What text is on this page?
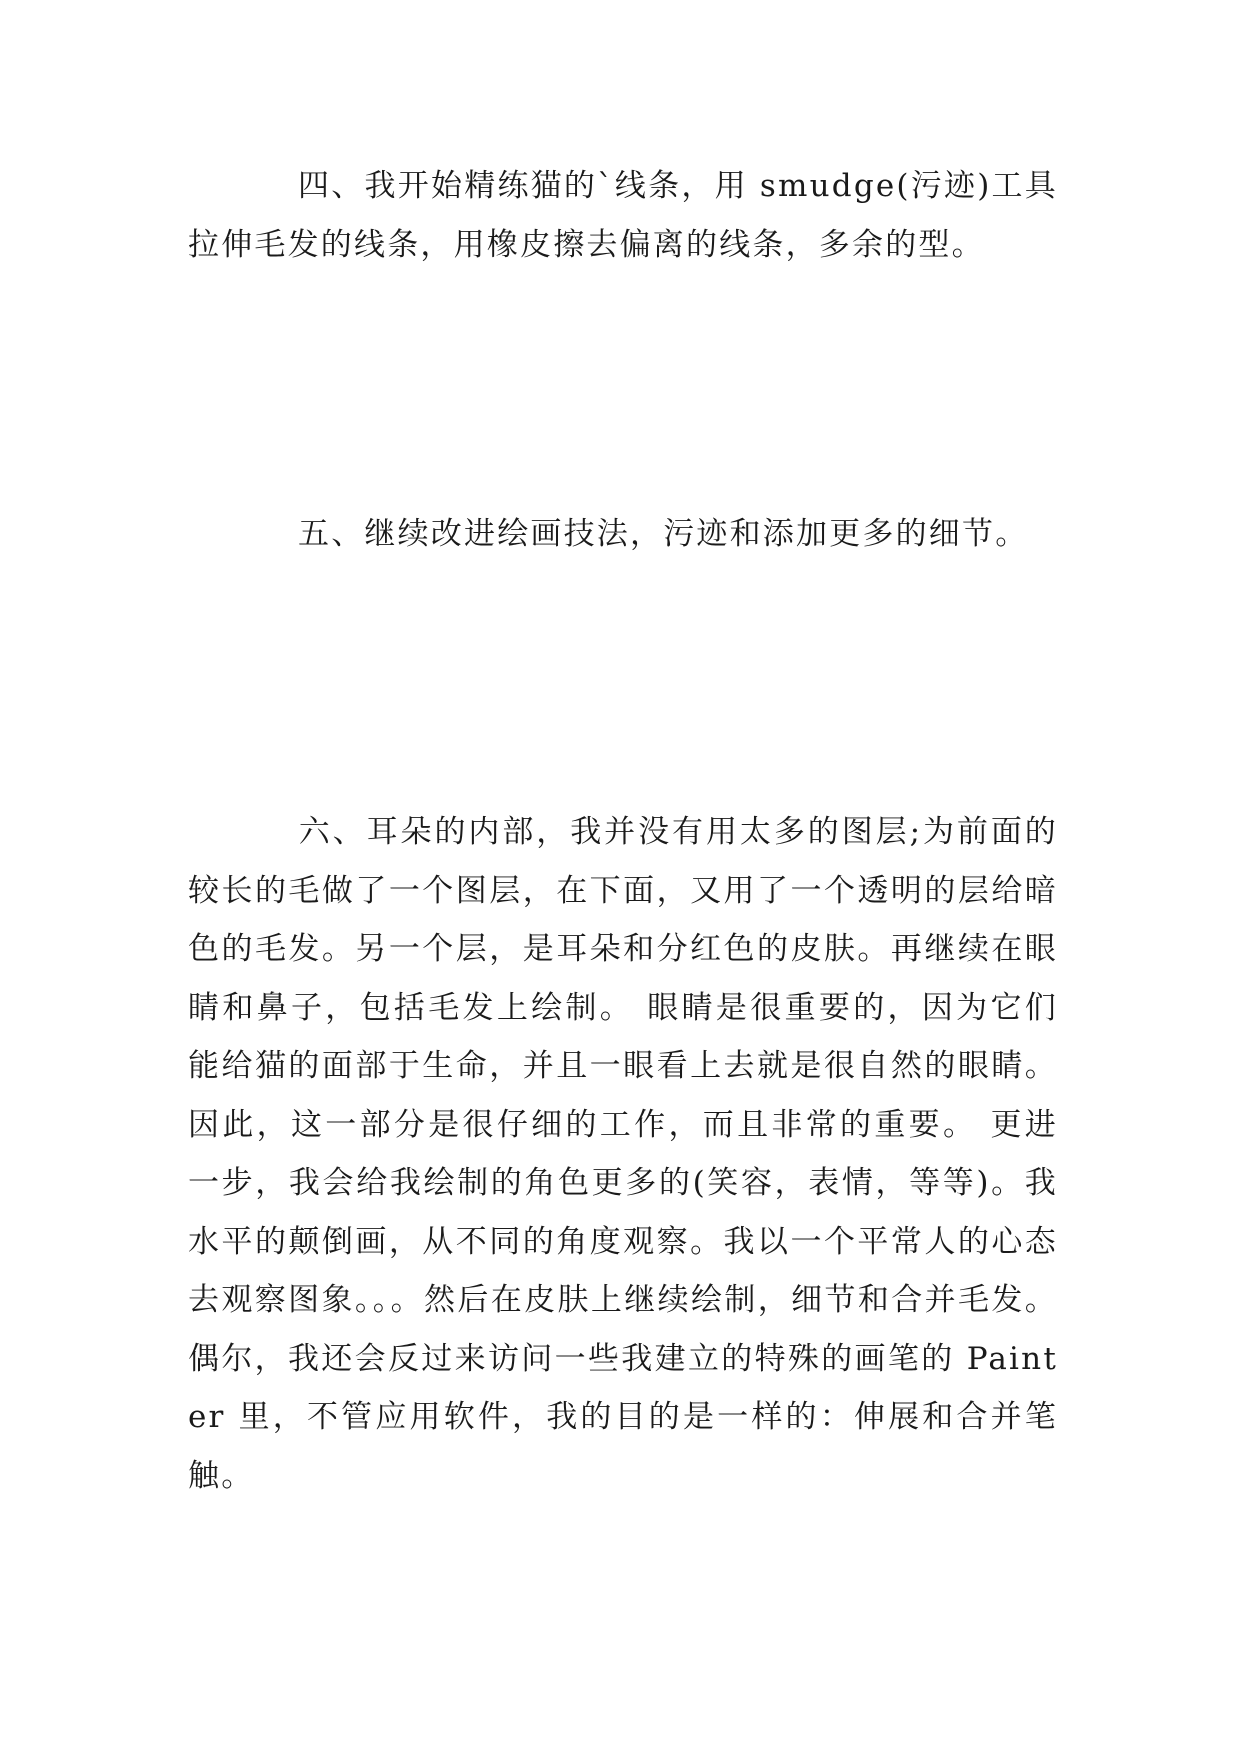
四、我开始精练猫的`线条，用 smudge(污迹)工具拉伸毛发的线条，用橡皮擦去偏离的线条，多余的型。

五、继续改进绘画技法，污迹和添加更多的细节。

六、耳朵的内部，我并没有用太多的图层;为前面的较长的毛做了一个图层，在下面，又用了一个透明的层给暗色的毛发。另一个层，是耳朵和分红色的皮肤。再继续在眼睛和鼻子，包括毛发上绘制。 眼睛是很重要的，因为它们能给猫的面部于生命，并且一眼看上去就是很自然的眼睛。因此，这一部分是很仔细的工作，而且非常的重要。 更进一步，我会给我绘制的角色更多的(笑容，表情，等等)。我水平的颠倒画，从不同的角度观察。我以一个平常人的心态去观察图象。。。然后在皮肤上继续绘制，细节和合并毛发。偶尔，我还会反过来访问一些我建立的特殊的画笔的 Painter 里，不管应用软件，我的目的是一样的：伸展和合并笔触。
